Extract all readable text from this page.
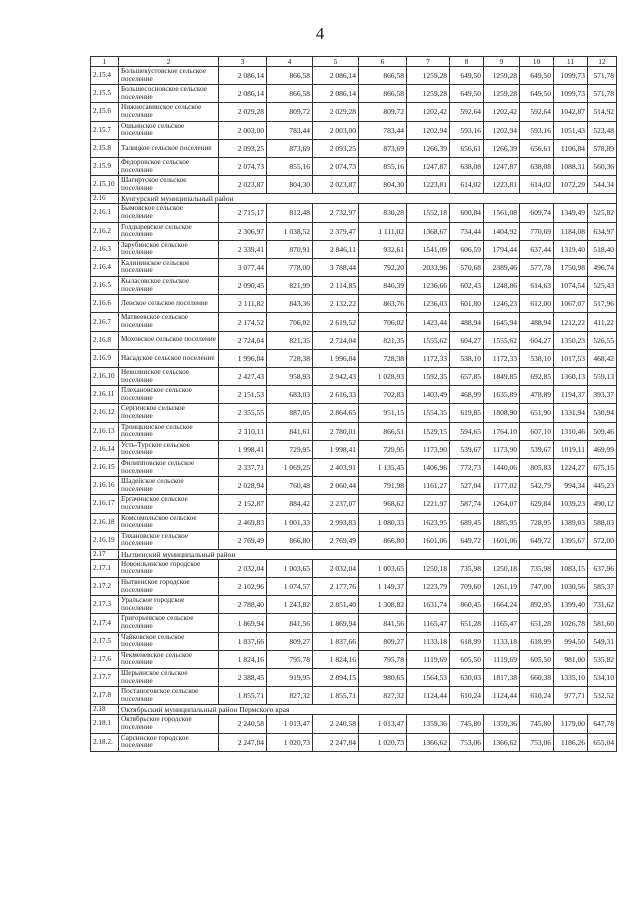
4
1	2	3	4	5	6	7	8	9	10	11	12
2.15.4	Большекустовское сельское поселение	2 086,14	866,58	2 086,14	866,58	1259,28	649,50	1259,28	649,50	1099,73	571,78
2.15.5	Большесосновское сельское поселение	2 086,14	866,58	2 086,14	866,58	1259,28	649,50	1259,28	649,50	1099,73	571,78
2.15.6	Нижнесавинское сельское поселение	2 029,28	809,72	2 029,28	809,72	1202,42	592,64	1202,42	592,64	1042,87	514,92
2.15.7	Ошьинское сельское поселение	2 003,00	783,44	2 003,00	783,44	1202,94	593,16	1202,94	593,16	1051,43	523,48
2.15.8	Талицкое сельское поселение	2 093,25	873,69	2 093,25	873,69	1266,39	656,61	1266,39	656,61	1106,84	578,89
2.15.9	Федоровское сельское поселение	2 074,73	855,16	2 074,73	855,16	1247,87	638,08	1247,87	638,08	1088,31	560,36
2.15.10	Шагиртское сельское поселение	2 023,87	804,30	2 023,87	804,30	1223,81	614,02	1223,81	614,02	1072,29	544,34
2.16	Кунгурский муниципальный район										
2.16.1	Бымовское сельское поселение	2 715,17	812,48	2 732,97	830,28	1552,18	600,84	1561,08	609,74	1349,49	525,82
2.16.2	Голдыревское сельское поселение	2 306,97	1 038,52	2 379,47	1 111,02	1368,67	734,44	1404,92	770,69	1184,08	634,97
2.16.3	Зарубинское сельское поселение	2 339,41	870,91	2 846,11	932,61	1541,09	606,59	1794,44	637,44	1319,40	518,40
2.16.4	Калининское сельское поселение	3 077,44	778,00	3 788,44	792,20	2033,96	570,68	2389,46	577,78	1750,98	496,74
2.16.5	Кыласовское сельское поселение	2 090,45	821,99	2 114,85	846,39	1236,66	602,43	1248,86	614,63	1074,54	525,43
2.16.6	Ленское сельское поселение	2 111,82	843,36	2 132,22	863,76	1236,03	601,80	1246,23	612,00	1067,07	517,96
2.16.7	Матвеевское сельское поселение	2 174,52	706,02	2 619,52	706,02	1423,44	488,94	1645,94	488,94	1212,22	411,22
2.16.8	Моховское сельское поселение	2 724,04	821,35	2 724,04	821,35	1555,62	604,27	1555,62	604,27	1350,23	526,55
2.16.9	Насадское сельское поселение	1 996,84	728,38	1 996,84	728,38	1172,33	538,10	1172,33	538,10	1017,53	468,42
2.16.10	Неволинское сельское поселение	2 427,43	958,93	2 942,43	1 028,93	1592,35	657,85	1849,85	692,85	1360,13	559,13
2.16.11	Плехановское сельское поселение	2 151,53	683,03	2 616,33	702,83	1403,49	468,99	1635,89	478,89	1194,37	393,37
2.16.12	Сергинское сельское поселение	2 355,55	887,05	2 864,65	951,15	1554,35	619,85	1808,90	651,90	1331,94	530,94
2.16.13	Троицкинское сельское поселение	2 310,11	841,61	2 780,01	866,51	1529,15	594,65	1764,10	607,10	1310,46	509,46
2.16.14	Усть-Турское сельское поселение	1 998,41	729,95	1 998,41	729,95	1173,90	539,67	1173,90	539,67	1019,11	469,99
2.16.15	Филипповское сельское поселение	2 337,71	1 069,25	2 403,91	1 135,45	1406,96	772,73	1440,06	805,83	1224,27	675,15
2.16.16	Шадейское сельское поселение	2 028,94	760,48	2 060,44	791,98	1161,27	527,04	1177,02	542,79	994,34	445,23
2.16.17	Ергачинское сельское поселение	2 152,87	884,42	2 237,07	968,62	1221,97	587,74	1264,07	629,84	1039,23	490,12
2.16.18	Комсомольское сельское поселение	2 469,83	1 001,33	2 993,83	1 080,33	1623,95	689,45	1885,95	728,95	1389,03	588,03
2.16.19	Тихановское сельское поселение	2 769,49	866,80	2 769,49	866,80	1601,06	649,72	1601,06	649,72	1395,67	572,00
2.17	Нытвенский муниципальный район										
2.17.1	Новоильинское городское поселение	2 032,04	1 003,65	2 032,04	1 003,65	1250,18	735,98	1250,18	735,98	1083,15	637,96
2.17.2	Нытвенское городское поселение	2 102,96	1 074,57	2 177,76	1 149,37	1223,79	709,60	1261,19	747,00	1030,56	585,37
2.17.3	Уральское городское поселение	2 788,40	1 243,82	2 851,40	1 308,82	1631,74	860,45	1664,24	892,95	1399,40	731,62
2.17.4	Григорьевское сельское поселение	1 869,94	841,56	1 869,94	841,56	1165,47	651,28	1165,47	651,28	1026,78	581,60
2.17.5	Чайковское сельское поселение	1 837,66	809,27	1 837,66	809,27	1133,18	618,99	1133,18	618,99	994,50	549,31
2.17.6	Чекменевское сельское поселение	1 824,16	795,78	1 824,16	795,78	1119,69	605,50	1119,69	605,50	981,00	535,82
2.17.7	Шерьинское сельское поселение	2 388,45	919,95	2 894,15	980,65	1564,53	630,03	1817,38	660,38	1335,10	534,10
2.17.8	Постаноговское сельское поселение	1 855,71	827,32	1 855,71	827,32	1124,44	610,24	1124,44	610,24	977,71	532,52
2.18	Октябрьский муниципальный район Пермского края										
2.18.1	Октябрьское городское поселение	2 240,58	1 013,47	2 240,58	1 013,47	1359,36	745,80	1359,36	745,80	1179,00	647,78
2.18.2.	Сарсинское городское поселение	2 247,84	1 020,73	2 247,84	1 020,73	1366,62	753,06	1366,62	753,06	1186,26	655,04
